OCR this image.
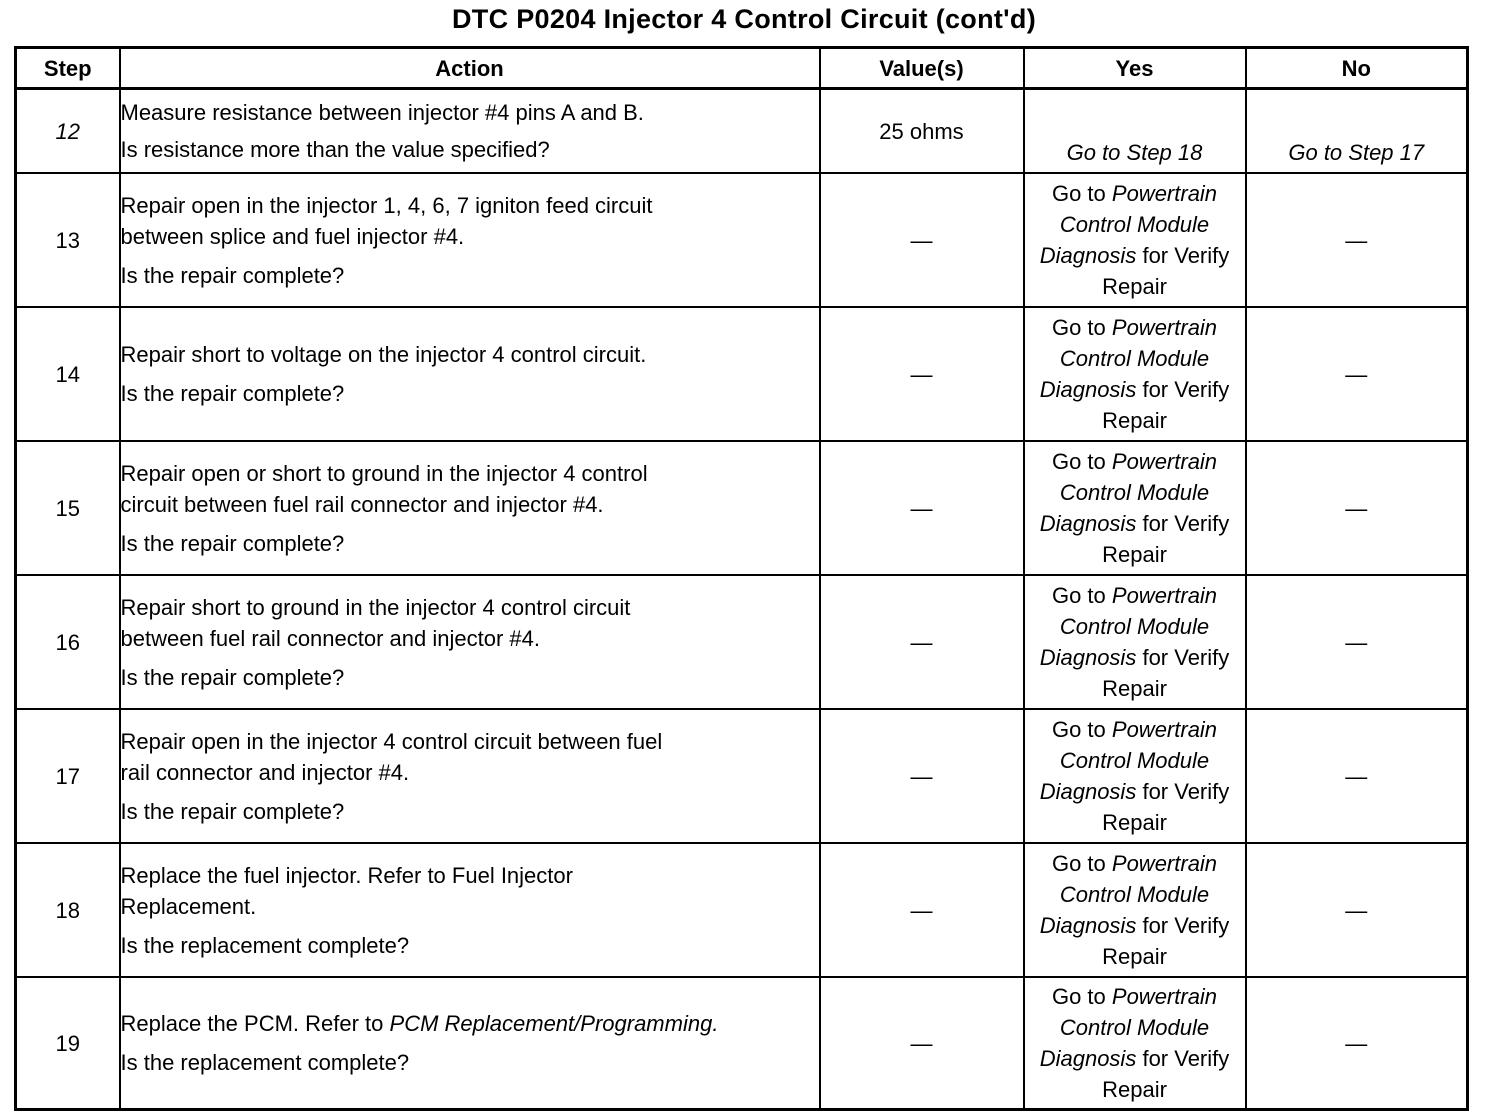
DTC P0204 Injector 4 Control Circuit (cont'd)
Step	Action	Value(s)	Yes	No
12	Measure resistance between injector #4 pins A and B.
Is resistance more than the value specified?	25 ohms	Go to Step 18	Go to Step 17
13	Repair open in the injector 1, 4, 6, 7 igniton feed circuit
between splice and fuel injector #4.
Is the repair complete?	—	Go to Powertrain Control Module Diagnosis for Verify Repair	—
14	Repair short to voltage on the injector 4 control circuit.
Is the repair complete?	—	Go to Powertrain Control Module Diagnosis for Verify Repair	—
15	Repair open or short to ground in the injector 4 control
circuit between fuel rail connector and injector #4.
Is the repair complete?	—	Go to Powertrain Control Module Diagnosis for Verify Repair	—
16	Repair short to ground in the injector 4 control circuit
between fuel rail connector and injector #4.
Is the repair complete?	—	Go to Powertrain Control Module Diagnosis for Verify Repair	—
17	Repair open in the injector 4 control circuit between fuel
rail connector and injector #4.
Is the repair complete?	—	Go to Powertrain Control Module Diagnosis for Verify Repair	—
18	Replace the fuel injector. Refer to Fuel Injector
Replacement.
Is the replacement complete?	—	Go to Powertrain Control Module Diagnosis for Verify Repair	—
19	Replace the PCM. Refer to PCM Replacement/Programming.
Is the replacement complete?	—	Go to Powertrain Control Module Diagnosis for Verify Repair	—
